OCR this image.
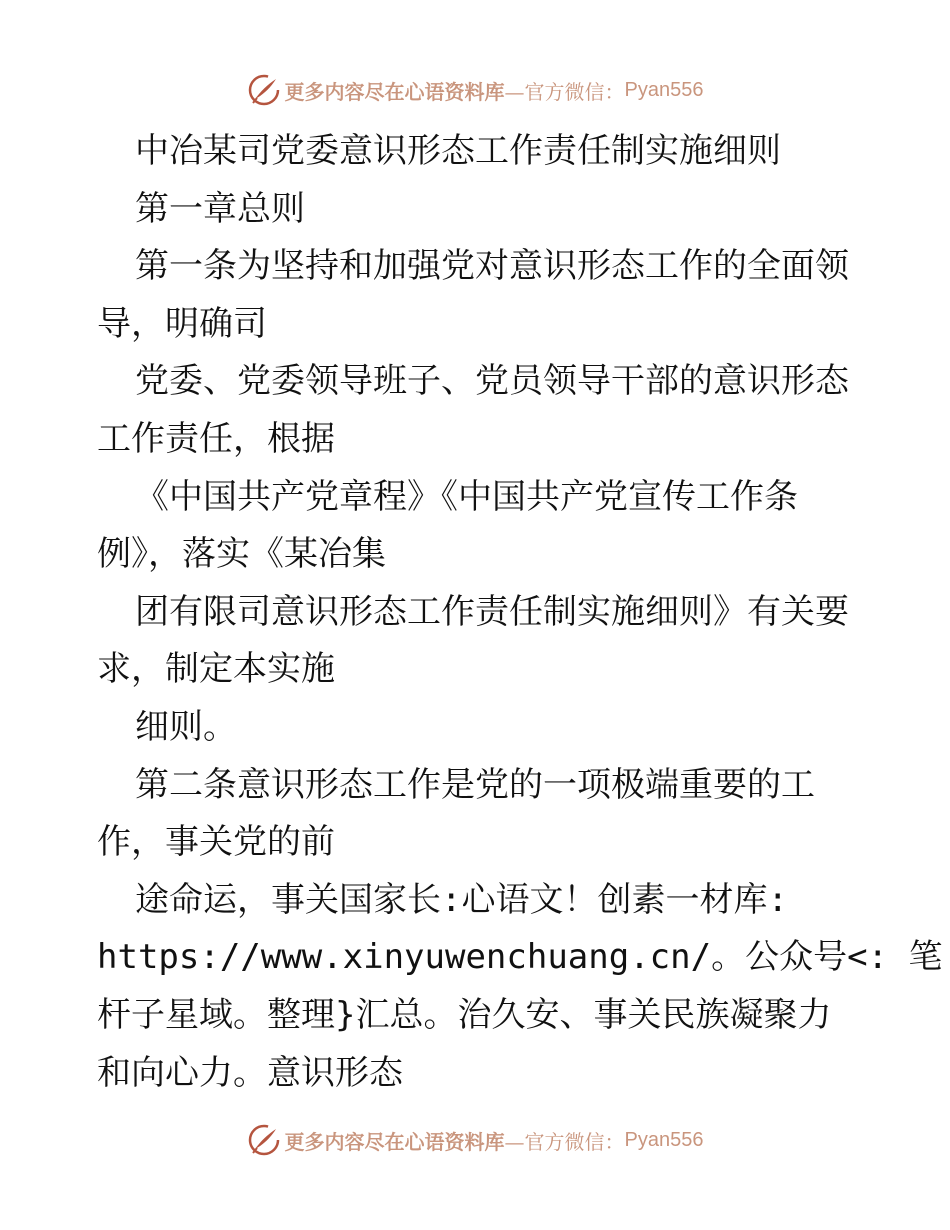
更多内容尽在心语资料库 —官方微信： Pyan556
中冶某司党委意识形态工作责任制实施细则
第一章总则
第一条为坚持和加强党对意识形态工作的全面领
导，明确司
党委、党委领导班子、党员领导干部的意识形态
工作责任，根据
《中国共产党章程》《中国共产党宣传工作条
例》，落实《某冶集
团有限司意识形态工作责任制实施细则》有关要
求，制定本实施
细则。
第二条意识形态工作是党的一项极端重要的工
作，事关党的前
途命运，事关国家长:心语文！创素一材库:
https://www.xinyuwenchuang.cn/。公众号<: 笔
杆子星域。整理}汇总。治久安、事关民族凝聚力
和向心力。意识形态
更多内容尽在心语资料库 —官方微信： Pyan556
